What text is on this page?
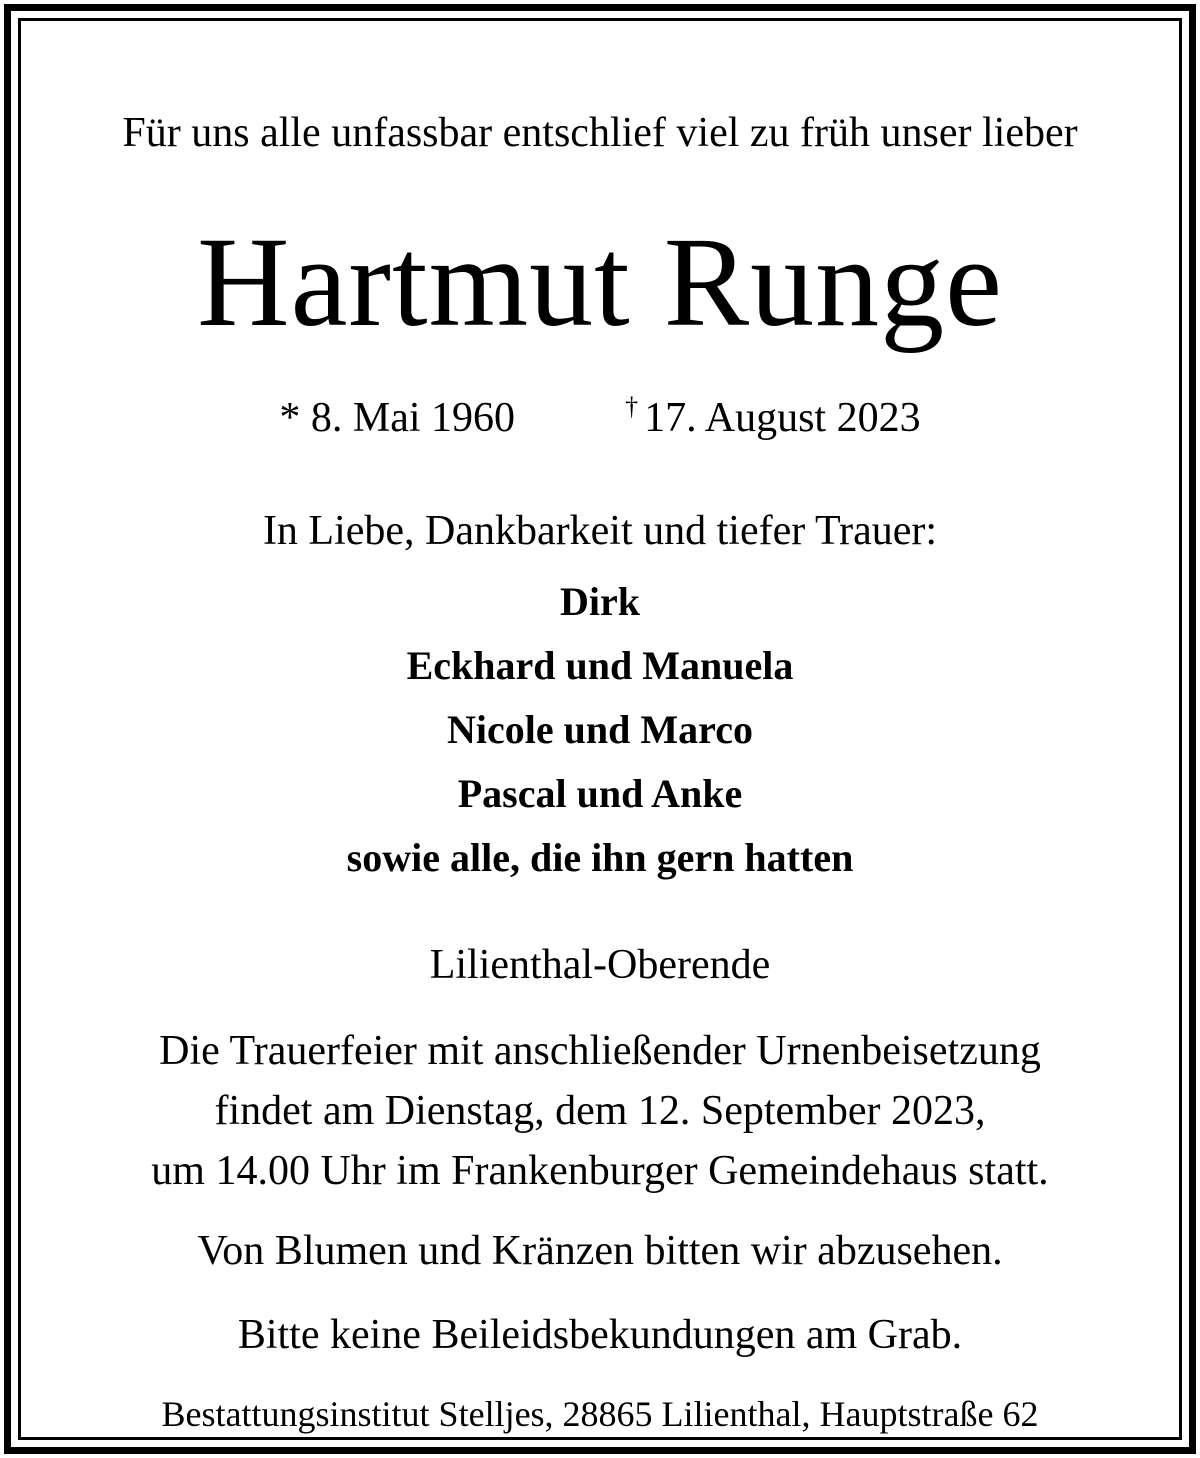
Für uns alle unfassbar entschlief viel zu früh unser lieber
Hartmut Runge
* 8. Mai 1960	† 17. August 2023
In Liebe, Dankbarkeit und tiefer Trauer:
Dirk
Eckhard und Manuela
Nicole und Marco
Pascal und Anke
sowie alle, die ihn gern hatten
Lilienthal-Oberende
Die Trauerfeier mit anschließender Urnenbeisetzung
findet am Dienstag, dem 12. September 2023,
um 14.00 Uhr im Frankenburger Gemeindehaus statt.
Von Blumen und Kränzen bitten wir abzusehen.
Bitte keine Beileidsbekundungen am Grab.
Bestattungsinstitut Stelljes, 28865 Lilienthal, Hauptstraße 62
